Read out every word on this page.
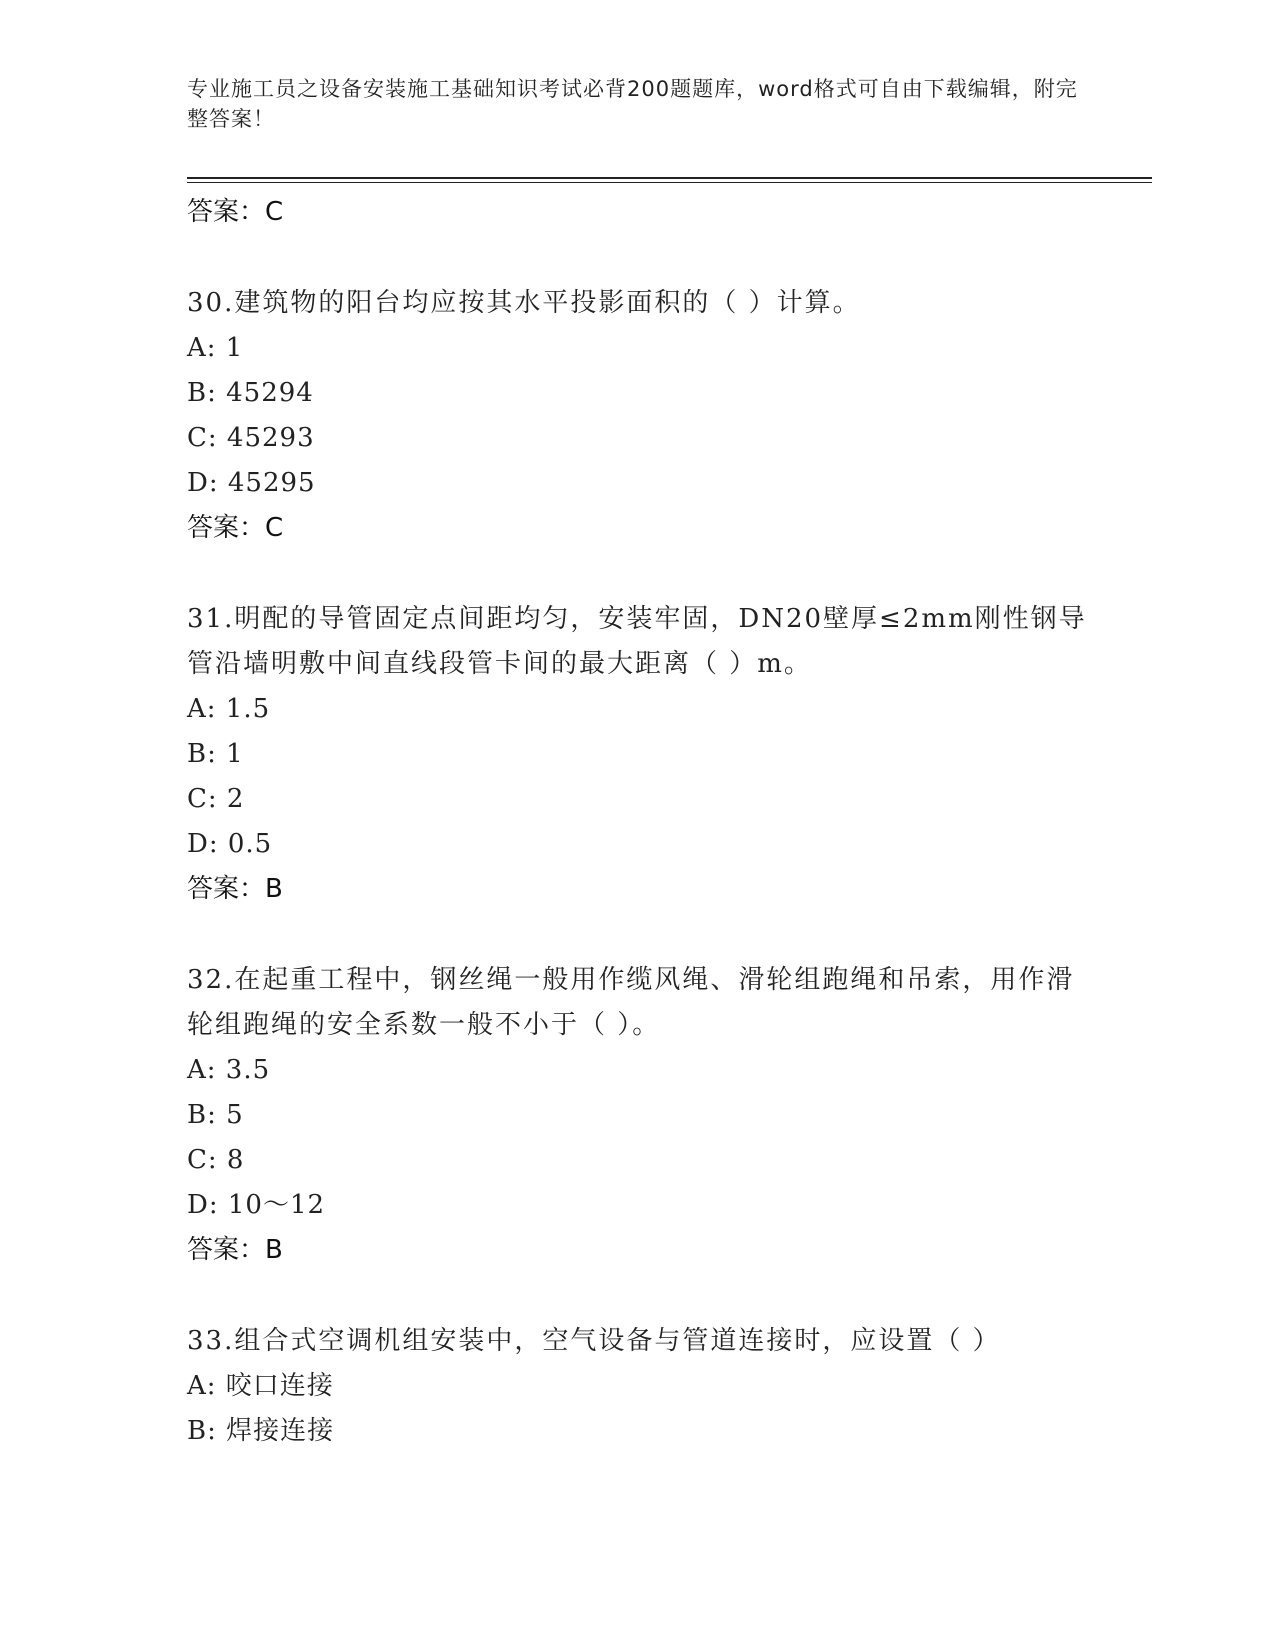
专业施工员之设备安装施工基础知识考试必背200题题库，word格式可自由下载编辑，附完整答案！
答案：C
30.建筑物的阳台均应按其水平投影面积的（ ）计算。
A: 1
B: 45294
C: 45293
D: 45295
答案：C
31.明配的导管固定点间距均匀，安装牢固，DN20壁厚≤2mm刚性钢导管沿墙明敷中间直线段管卡间的最大距离（ ）m。
A: 1.5
B: 1
C: 2
D: 0.5
答案：B
32.在起重工程中，钢丝绳一般用作缆风绳、滑轮组跑绳和吊索，用作滑轮组跑绳的安全系数一般不小于（ ）。
A: 3.5
B: 5
C: 8
D: 10～12
答案：B
33.组合式空调机组安装中，空气设备与管道连接时，应设置（ ）
A: 咬口连接
B: 焊接连接
